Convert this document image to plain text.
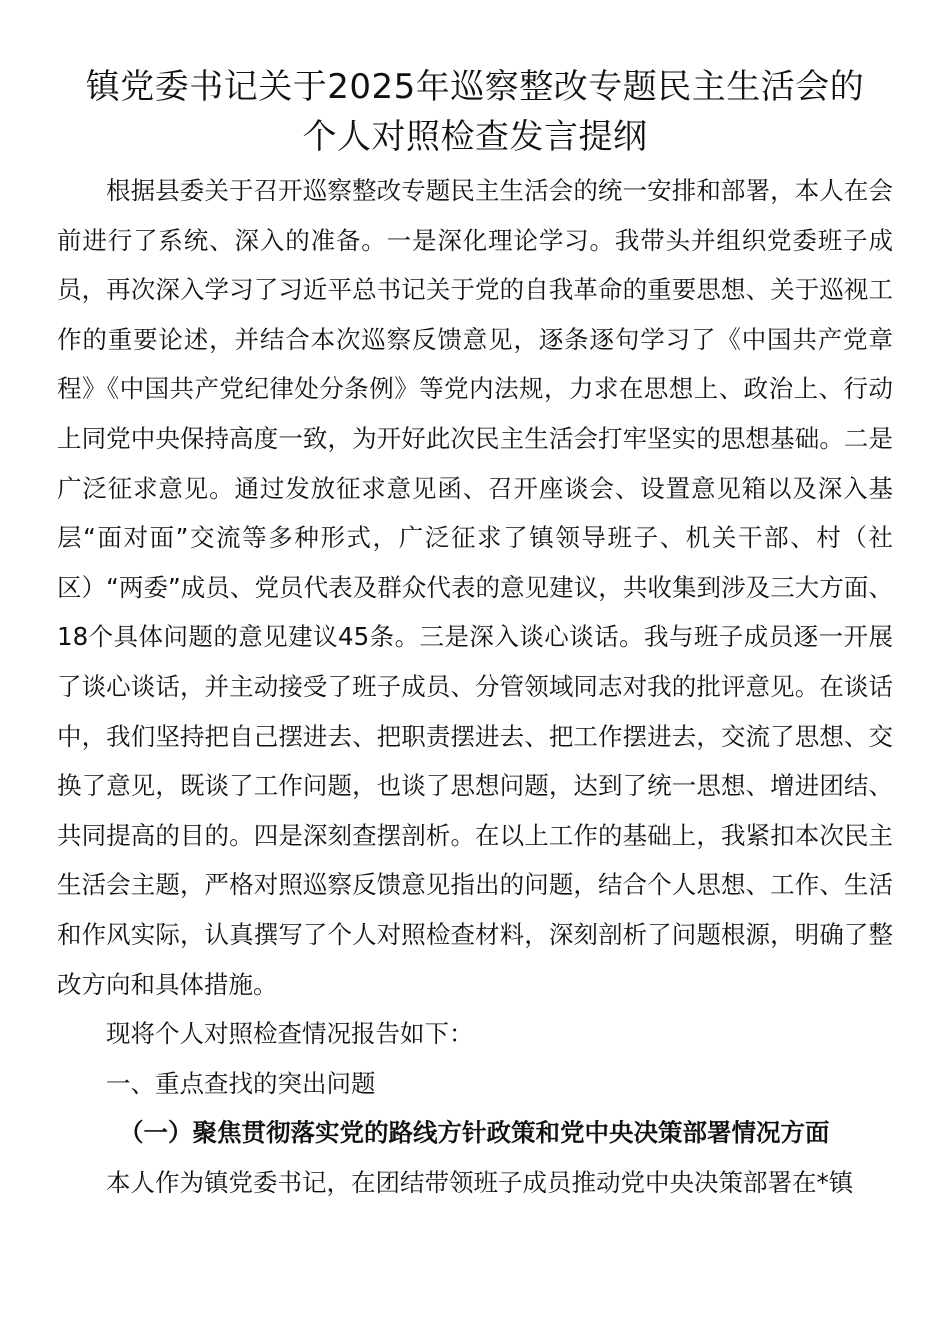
镇党委书记关于2025年巡察整改专题民主生活会的
个人对照检查发言提纲

根据县委关于召开巡察整改专题民主生活会的统一安排和部署，本人在会前进行了系统、深入的准备。一是深化理论学习。我带头并组织党委班子成员，再次深入学习了习近平总书记关于党的自我革命的重要思想、关于巡视工作的重要论述，并结合本次巡察反馈意见，逐条逐句学习了《中国共产党章程》《中国共产党纪律处分条例》等党内法规，力求在思想上、政治上、行动上同党中央保持高度一致，为开好此次民主生活会打牢坚实的思想基础。二是广泛征求意见。通过发放征求意见函、召开座谈会、设置意见箱以及深入基层“面对面”交流等多种形式，广泛征求了镇领导班子、机关干部、村（社区）“两委”成员、党员代表及群众代表的意见建议，共收集到涉及三大方面、18个具体问题的意见建议45条。三是深入谈心谈话。我与班子成员逐一开展了谈心谈话，并主动接受了班子成员、分管领域同志对我的批评意见。在谈话中，我们坚持把自己摆进去、把职责摆进去、把工作摆进去，交流了思想、交换了意见，既谈了工作问题，也谈了思想问题，达到了统一思想、增进团结、共同提高的目的。四是深刻查摆剖析。在以上工作的基础上，我紧扣本次民主生活会主题，严格对照巡察反馈意见指出的问题，结合个人思想、工作、生活和作风实际，认真撰写了个人对照检查材料，深刻剖析了问题根源，明确了整改方向和具体措施。

现将个人对照检查情况报告如下：

一、重点查找的突出问题

（一）聚焦贯彻落实党的路线方针政策和党中央决策部署情况方面

本人作为镇党委书记，在团结带领班子成员推动党中央决策部署在*镇
